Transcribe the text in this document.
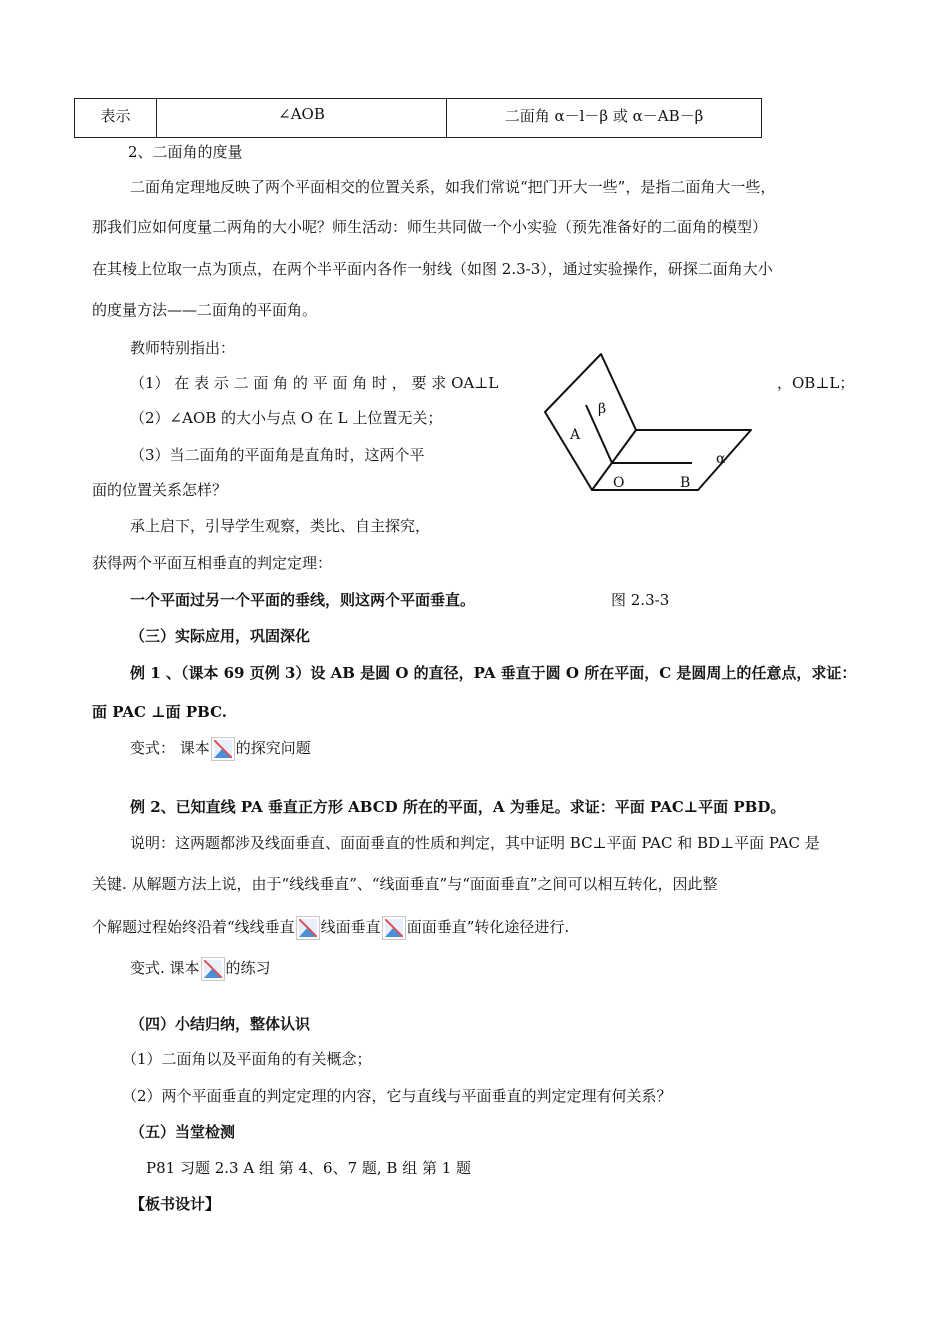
表示	∠AOB	二面角 α－l－β 或 α－AB－β
2、二面角的度量
二面角定理地反映了两个平面相交的位置关系，如我们常说“把门开大一些”，是指二面角大一些，
那我们应如何度量二两角的大小呢？师生活动：师生共同做一个小实验（预先准备好的二面角的模型）
在其棱上位取一点为顶点，在两个半平面内各作一射线（如图 2.3-3），通过实验操作，研探二面角大小
的度量方法——二面角的平面角。
教师特别指出：
（1） 在 表 示 二 面 角 的 平 面 角 时 ， 要 求 OA⊥L	，OB⊥L；
（2）∠AOB 的大小与点 O 在 L 上位置无关；
（3）当二面角的平面角是直角时，这两个平
面的位置关系怎样？
承上启下，引导学生观察，类比、自主探究，
获得两个平面互相垂直的判定定理：
一个平面过另一个平面的垂线，则这两个平面垂直。	图 2.3-3
β
A
α
O	B
（三）实际应用，巩固深化
例 1 、（课本 69 页例 3）设 AB 是圆 O 的直径，PA 垂直于圆 O 所在平面，C 是圆周上的任意点，求证：
面 PAC ⊥面 PBC.
变式： 课本 的探究问题
例 2、已知直线 PA 垂直正方形 ABCD 所在的平面，A 为垂足。求证：平面 PAC⊥平面 PBD。
说明：这两题都涉及线面垂直、面面垂直的性质和判定，其中证明 BC⊥平面 PAC 和 BD⊥平面 PAC 是
关键. 从解题方法上说，由于“线线垂直”、“线面垂直”与“面面垂直”之间可以相互转化，因此整
个解题过程始终沿着“线线垂直 线面垂直 面面垂直”转化途径进行.
变式. 课本 的练习
（四）小结归纳，整体认识
（1）二面角以及平面角的有关概念；
（2）两个平面垂直的判定定理的内容，它与直线与平面垂直的判定定理有何关系？
（五）当堂检测
P81 习题 2.3 A 组 第 4、6、7 题, B 组 第 1 题
【板书设计】
